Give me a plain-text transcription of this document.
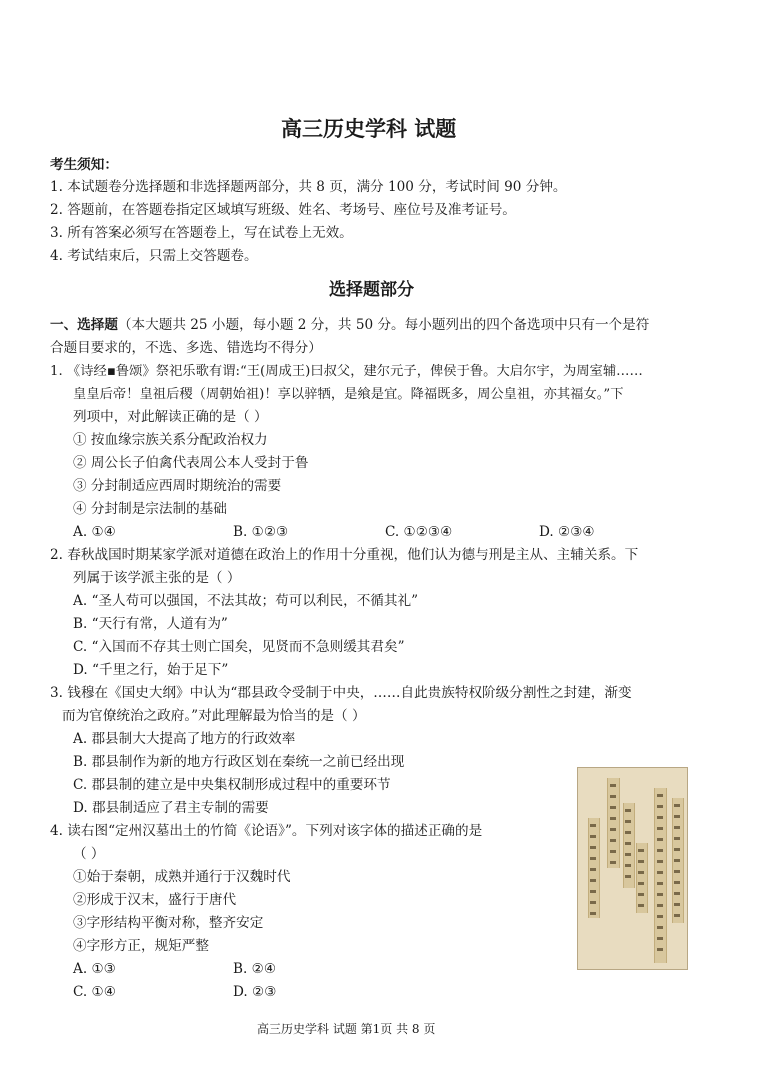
高三历史学科 试题
考生须知：
1. 本试题卷分选择题和非选择题两部分，共 8 页，满分 100 分，考试时间 90 分钟。
2. 答题前，在答题卷指定区域填写班级、姓名、考场号、座位号及准考证号。
3. 所有答案必须写在答题卷上，写在试卷上无效。
4. 考试结束后，只需上交答题卷。
选择题部分
一、选择题（本大题共 25 小题，每小题 2 分，共 50 分。每小题列出的四个备选项中只有一个是符
合题目要求的，不选、多选、错选均不得分）
1. 《诗经▪鲁颂》祭祀乐歌有谓:“王(周成王)曰叔父，建尔元子，俾侯于鲁。大启尔宇，为周室辅……
皇皇后帝！皇祖后稷（周朝始祖)！享以骍牺，是飨是宜。降福既多，周公皇祖，亦其福女。”下
列项中，对此解读正确的是（ ）
① 按血缘宗族关系分配政治权力
② 周公长子伯禽代表周公本人受封于鲁
③ 分封制适应西周时期统治的需要
④ 分封制是宗法制的基础
A. ①④	B. ①②③	C. ①②③④	D. ②③④
2. 春秋战国时期某家学派对道德在政治上的作用十分重视，他们认为德与刑是主从、主辅关系。下
列属于该学派主张的是（ ）
A. “圣人苟可以强国，不法其故；苟可以利民，不循其礼”
B. “天行有常，人道有为”
C. “入国而不存其士则亡国矣，见贤而不急则缓其君矣”
D. “千里之行，始于足下”
3. 钱穆在《国史大纲》中认为“郡县政令受制于中央，……自此贵族特权阶级分割性之封建，渐变
而为官僚统治之政府。”对此理解最为恰当的是（ ）
A. 郡县制大大提高了地方的行政效率
B. 郡县制作为新的地方行政区划在秦统一之前已经出现
C. 郡县制的建立是中央集权制形成过程中的重要环节
D. 郡县制适应了君主专制的需要
4. 读右图“定州汉墓出土的竹简《论语》”。下列对该字体的描述正确的是
（ ）
①始于秦朝，成熟并通行于汉魏时代
②形成于汉末，盛行于唐代
③字形结构平衡对称，整齐安定
④字形方正，规矩严整
A. ①③	B. ②④
C. ①④	D. ②③
高三历史学科 试题 第1页 共 8 页
